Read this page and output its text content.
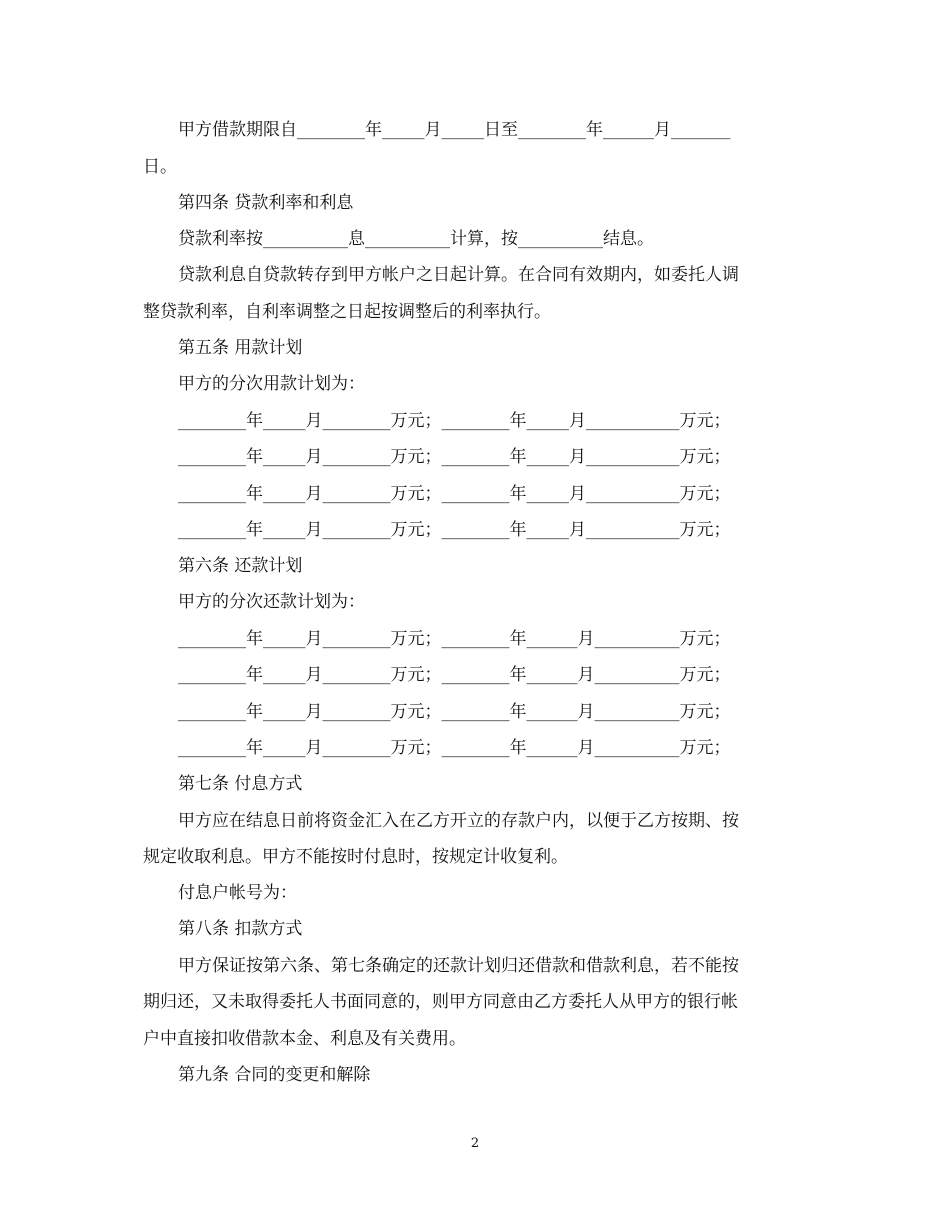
甲方借款期限自________年_____月_____日至________年______月_______
日。
第四条 贷款利率和利息
贷款利率按__________息__________计算，按__________结息。
贷款利息自贷款转存到甲方帐户之日起计算。在合同有效期内，如委托人调
整贷款利率，自利率调整之日起按调整后的利率执行。
第五条 用款计划
甲方的分次用款计划为：
________年_____月________万元；________年_____月___________万元；
________年_____月________万元；________年_____月___________万元；
________年_____月________万元；________年_____月___________万元；
________年_____月________万元；________年_____月___________万元；
第六条 还款计划
甲方的分次还款计划为：
________年_____月________万元；________年______月__________万元；
________年_____月________万元；________年______月__________万元；
________年_____月________万元；________年______月__________万元；
________年_____月________万元；________年______月__________万元；
第七条 付息方式
甲方应在结息日前将资金汇入在乙方开立的存款户内，以便于乙方按期、按
规定收取利息。甲方不能按时付息时，按规定计收复利。
付息户帐号为：
第八条 扣款方式
甲方保证按第六条、第七条确定的还款计划归还借款和借款利息，若不能按
期归还，又未取得委托人书面同意的，则甲方同意由乙方委托人从甲方的银行帐
户中直接扣收借款本金、利息及有关费用。
第九条 合同的变更和解除
2
